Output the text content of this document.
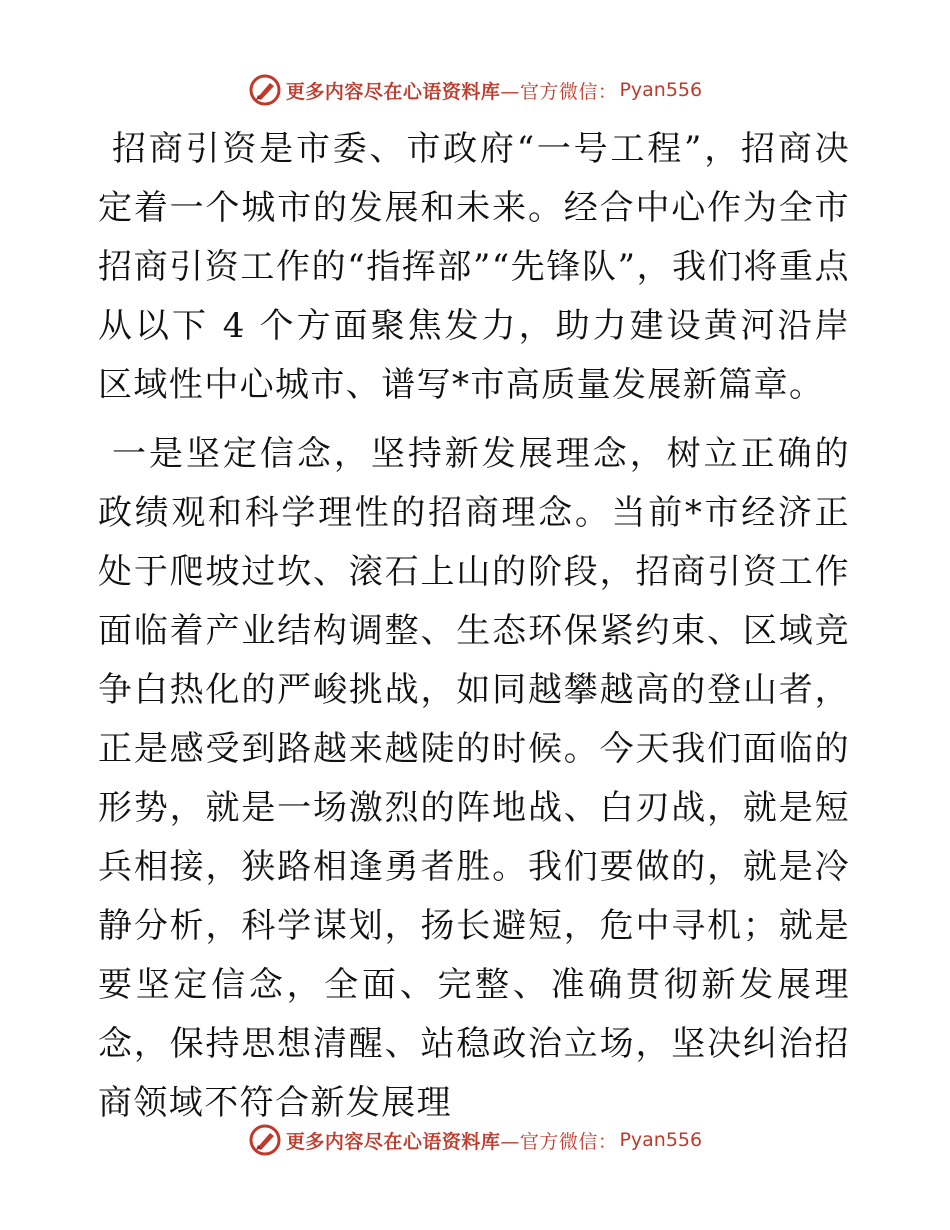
更多内容尽在心语资料库 —官方微信： Pyan556

招商引资是市委、市政府“一号工程”，招商决定着一个城市的发展和未来。经合中心作为全市招商引资工作的“指挥部”“先锋队”，我们将重点从以下 4 个方面聚焦发力，助力建设黄河沿岸区域性中心城市、谱写*市高质量发展新篇章。

一是坚定信念，坚持新发展理念，树立正确的政绩观和科学理性的招商理念。当前*市经济正处于爬坡过坎、滚石上山的阶段，招商引资工作面临着产业结构调整、生态环保紧约束、区域竞争白热化的严峻挑战，如同越攀越高的登山者，正是感受到路越来越陡的时候。今天我们面临的形势，就是一场激烈的阵地战、白刃战，就是短兵相接，狭路相逢勇者胜。我们要做的，就是冷静分析，科学谋划，扬长避短，危中寻机；就是要坚定信念，全面、完整、准确贯彻新发展理念，保持思想清醒、站稳政治立场，坚决纠治招商领域不符合新发展理

更多内容尽在心语资料库 —官方微信： Pyan556
